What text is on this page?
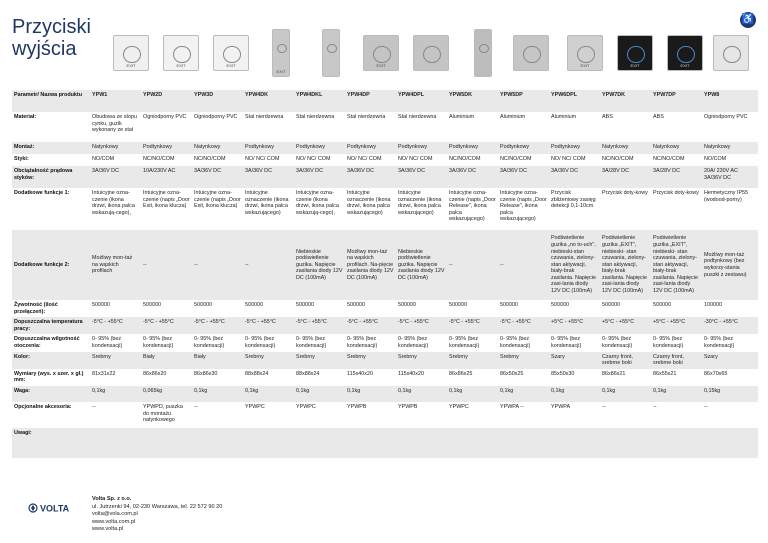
Przyciski
wyjścia
♿
EXIT	EXIT	EXIT
EXIT
EXIT	EXIT	EXIT	EXIT
Parametr/ Nazwa produktu	YPW1	YPW2D	YPW3D	YPW4DK	YPW4DKL	YPW4DP	YPW4DPL	YPW5DK	YPW5DP	YPW6DPL	YPW7DK	YPW7DP	YPW8
Materiał:	Obudowa ze stopu cynku, guzik wykonany ze stal	Ogniodporny PVC	Ogniodporny PVC	Stal nierdzewna	Stal nierdzewna	Stal nierdzewna	Stal nierdzewna	Aluminium	Aluminium	Aluminium	ABS	ABS	Ogniodporny PVC
Montaż:	Natynkowy	Podtynkowy	Natynkowy	Podtynkowy	Podtynkowy	Podtynkowy	Podtynkowy	Podtynkowy	Podtynkowy	Podtynkowy	Natynkowy	Natynkowy	Natynkowy
Styki:	NO/COM	NC/NO/COM	NC/NO/COM	NO/ NC/ COM	NO/ NC/ COM	NO/ NC/ COM	NO/ NC/ COM	NC/NO/COM	NC/NO/COM	NO/ NC/ COM	NC/NO/COM	NC/NO/COM	NO/COM
Obciążalność prądowa styków:	3A/36V DC	10A/230V AC	3A/36V DC	3A/36V DC	3A/36V DC	3A/36V DC	3A/36V DC	3A/36V DC	3A/36V DC	3A/36V DC	3A/28V DC	3A/28V DC	20A/ 230V AC 3A/36V DC
Dodatkowe funkcje 1:	Intuicyjne ozna-czenie (ikona drzwi, ikona palca wskazują-cego),	Intuicyjne ozna-czenie (napis „Door Exit, ikona klucza)	Intuicyjne ozna-czenie (napis „Door Exit, ikona klucza)	Intuicyjne oznaczenie (ikona drzwi, ikona palca wskazującego)	Intuicyjne ozna-czenie (ikona drzwi, ikona palca wskazują-cego),	Intuicyjne oznaczenie (ikona drzwi, ikona palca wskazującego)	Intuicyjne oznaczenie (ikona drzwi, ikona palca wskazującego)	Intuicyjne ozna-czenie (napis „Door Release", ikona palca wskazującego)	Intuicyjne ozna-czenie (napis „Door Release", ikona palca wskazującego)	Przycisk zbliżeniowy zasięg detekcji 0,1-10cm	Przycisk doty-kowy	Przycisk doty-kowy	Hermetyczny IP55 (wodood-porny)
Dodatkowe funkcje 2:	Możliwy mon-taż na wąskich profilach	--	--	--	Niebieskie podświetlenie guzika. Napięcie zasilania diody 12V DC (100mA)	Możliwy mon-taż na wąskich profilach. Na-pięcie zasilania diody 12V DC (100mA)	Niebieskie podświetlenie guzika. Napięcie zasilania diody 12V DC (100mA)	--	--	Podświetlenie guzika „no to-uch", niebieski-stan czuwania, zielony- stan aktywacji, biały-brak zasilania. Napięcie zasi-lania diody 12V DC (100mA)	Podświetlenie guzika „EXIT", niebieski- stan czuwania, zielony- stan aktywacji, biały-brak zasilania. Napięcie zasi-lania diody 12V DC (100mA)	Podświetlenie guzika „EXIT", niebieski- stan czuwania, zielony- stan aktywacji, biały-brak zasilania. Napięcie zasi-lania diody 12V DC (100mA)	Możliwy mon-taż podtynkowy (bez wykorzy-stania puszki z zestawu)
Żywotność (ilość przełączeń):	500000	500000	500000	500000	500000	500000	500000	500000	500000	500000	500000	500000	100000
Dopuszczalna temperatura pracy:	-5°C - +55°C	-5°C - +55°C	-5°C - +55°C	-5°C - +55°C	-5°C - +55°C	-5°C - +55°C	-5°C - +55°C	-5°C - +55°C	-5°C - +55°C	+5°C - +55°C	+5°C - +55°C	+5°C - +55°C	-30°C - +55°C
Dopuszczalna wilgotność otoczenia:	0- 95% (bez kondensacji)	0- 95% (bez kondensacji)	0- 95% (bez kondensacji)	0- 95% (bez kondensacji)	0- 95% (bez kondensacji)	0- 95% (bez kondensacji)	0- 95% (bez kondensacji)	0- 95% (bez kondensacji)	0- 95% (bez kondensacji)	0- 95% (bez kondensacji)	0- 95% (bez kondensacji)	0- 95% (bez kondensacji)	0- 95% (bez kondensacji)
Kolor:	Srebrny	Biały	Biały	Srebrny	Srebrny	Srebrny	Srebrny	Srebrny	Srebrny	Szary	Czarny front, srebrne boki	Czarny front, srebrne boki	Szary
Wymiary (wys. x szer. x gł.) mm:	81x31x22	86x86x20	86x86x30	88x88x24	88x88x24	115x40x20	115x40x20	86x86x25	86x50x25	85x50x30	86x86x21	86x55x21	86x70x65
Waga:	0,1kg	0,065kg	0,1kg	0,1kg	0,1kg	0,1kg	0,1kg	0,1kg	0,1kg	0,1kg	0,1kg	0,1kg	0,15kg
Opcjonalne akcesoria:	--	YPWPD, puszka do montażu natynkowego	--	YPWPC	YPWPC	YPWPB	YPWPB	YPWPC	YPWPA --	YPWPA	--	--	--
Uwagi:													
VOLTA
Volta Sp. z o.o.
ul. Jutrzenki 94, 02-230 Warszawa, tel. 22 572 90 20
volta@vola.com.pl
www.volta.com.pl
www.volta.pl
